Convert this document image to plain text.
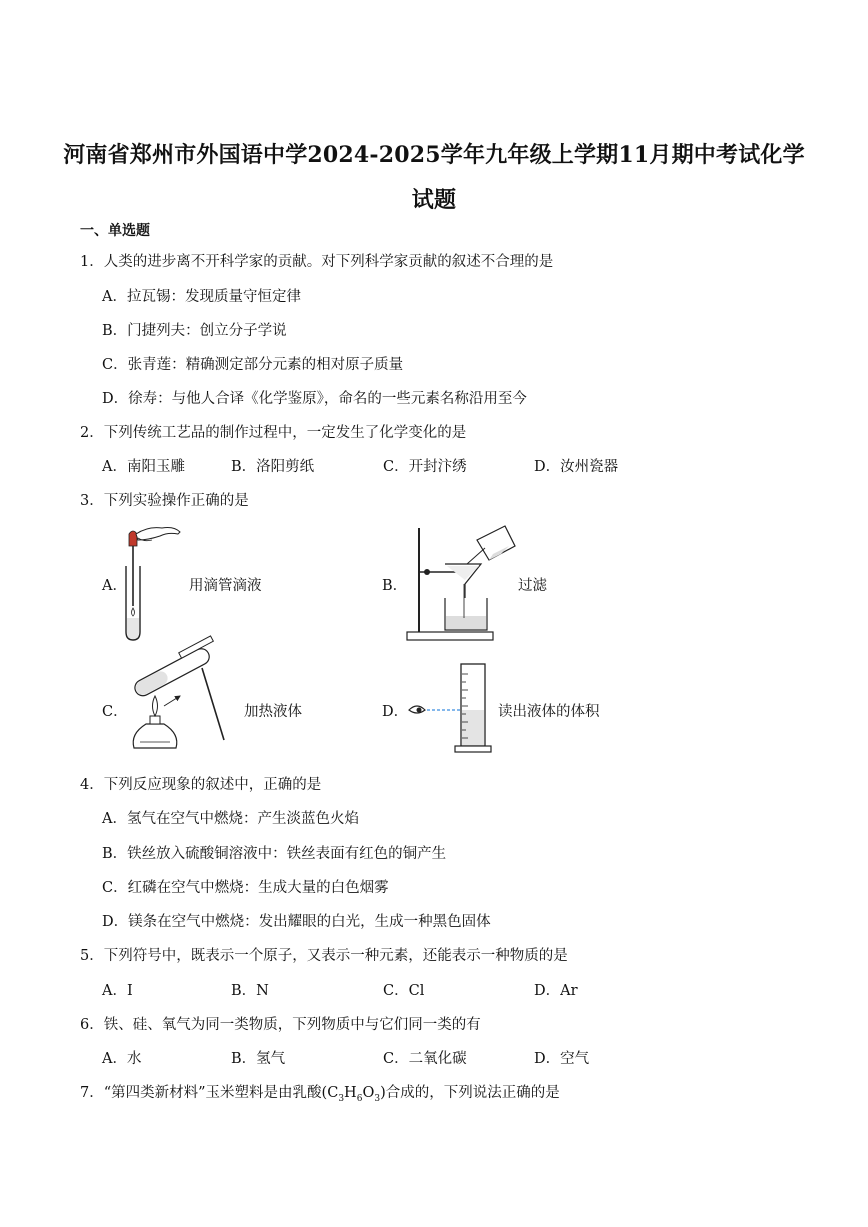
河南省郑州市外国语中学2024-2025学年九年级上学期11月期中考试化学
试题
一、单选题
1．人类的进步离不开科学家的贡献。对下列科学家贡献的叙述不合理的是
A．拉瓦锡：发现质量守恒定律
B．门捷列夫：创立分子学说
C．张青莲：精确测定部分元素的相对原子质量
D．徐寿：与他人合译《化学鉴原》，命名的一些元素名称沿用至今
2．下列传统工艺品的制作过程中，一定发生了化学变化的是
A．南阳玉雕	B．洛阳剪纸	C．开封汴绣	D．汝州瓷器
3．下列实验操作正确的是
A．	用滴管滴液	B．	过滤
C．	加热液体	D．	读出液体的体积
4．下列反应现象的叙述中，正确的是
A．氢气在空气中燃烧：产生淡蓝色火焰
B．铁丝放入硫酸铜溶液中：铁丝表面有红色的铜产生
C．红磷在空气中燃烧：生成大量的白色烟雾
D．镁条在空气中燃烧：发出耀眼的白光，生成一种黑色固体
5．下列符号中，既表示一个原子，又表示一种元素，还能表示一种物质的是
A．I	B．N	C．Cl	D．Ar
6．铁、硅、氧气为同一类物质，下列物质中与它们同一类的有
A．水	B．氢气	C．二氧化碳	D．空气
7．“第四类新材料”玉米塑料是由乳酸$(C_3H_6O_3)$合成的，下列说法正确的是
